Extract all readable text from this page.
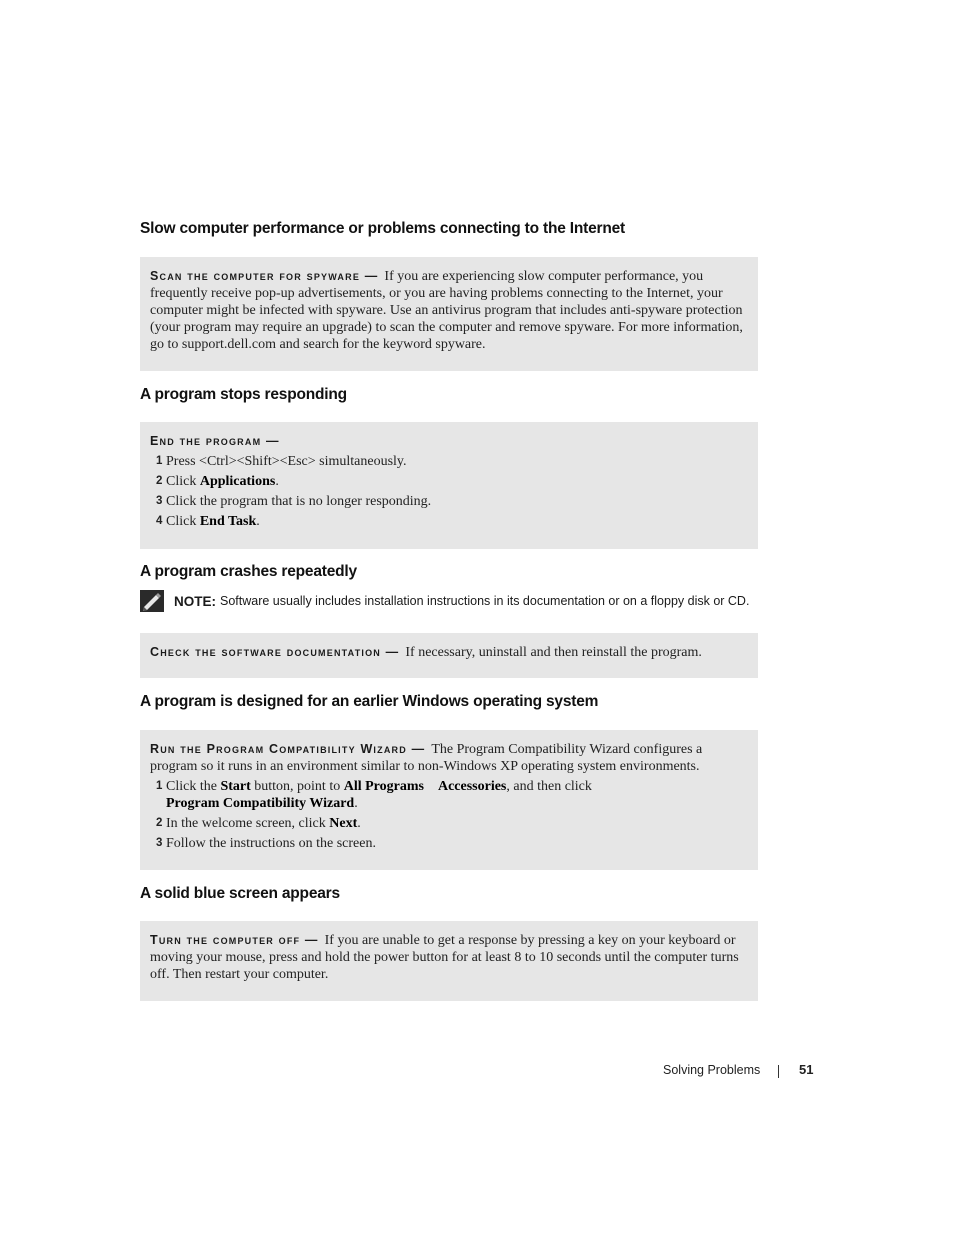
Slow computer performance or problems connecting to the Internet

Scan the computer for spyware — If you are experiencing slow computer performance, you frequently receive pop-up advertisements, or you are having problems connecting to the Internet, your computer might be infected with spyware. Use an antivirus program that includes anti-spyware protection (your program may require an upgrade) to scan the computer and remove spyware. For more information, go to support.dell.com and search for the keyword spyware.

A program stops responding

End the program —

1 Press <Ctrl><Shift><Esc> simultaneously.
2 Click Applications.
3 Click the program that is no longer responding.
4 Click End Task.
A program crashes repeatedly
NOTE: Software usually includes installation instructions in its documentation or on a floppy disk or CD.

Check the software documentation — If necessary, uninstall and then reinstall the program.

A program is designed for an earlier Windows operating system

Run the Program Compatibility Wizard — The Program Compatibility Wizard configures a program so it runs in an environment similar to non-Windows XP operating system environments.

1 Click the Start button, point to All Programs Accessories, and then click
Program Compatibility Wizard.
2 In the welcome screen, click Next.
3 Follow the instructions on the screen.
A solid blue screen appears

Turn the computer off — If you are unable to get a response by pressing a key on your keyboard or moving your mouse, press and hold the power button for at least 8 to 10 seconds until the computer turns off. Then restart your computer.

Solving Problems	51
